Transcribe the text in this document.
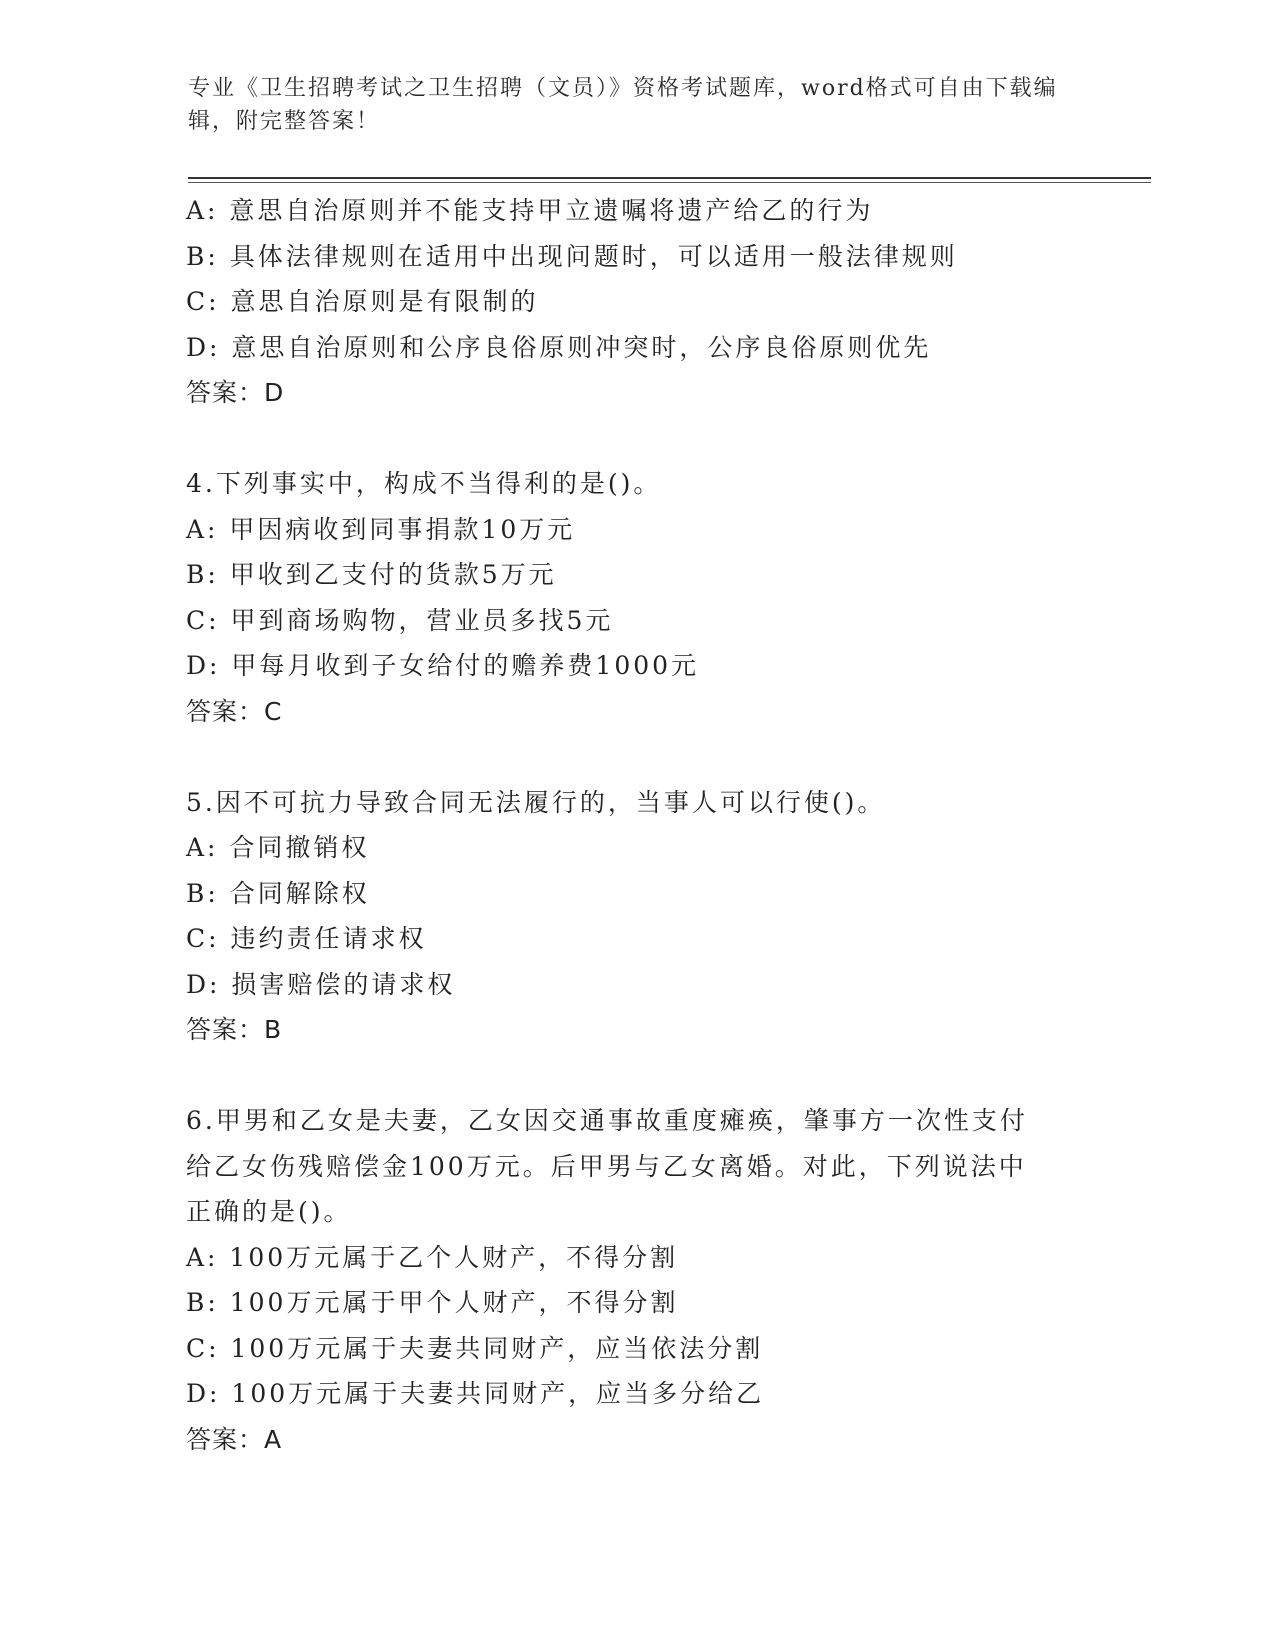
专业《卫生招聘考试之卫生招聘（文员）》资格考试题库，word格式可自由下载编辑，附完整答案！
A: 意思自治原则并不能支持甲立遗嘱将遗产给乙的行为
B: 具体法律规则在适用中出现问题时，可以适用一般法律规则
C: 意思自治原则是有限制的
D: 意思自治原则和公序良俗原则冲突时，公序良俗原则优先
答案：D
4.下列事实中，构成不当得利的是()。
A: 甲因病收到同事捐款10万元
B: 甲收到乙支付的货款5万元
C: 甲到商场购物，营业员多找5元
D: 甲每月收到子女给付的赡养费1000元
答案：C
5.因不可抗力导致合同无法履行的，当事人可以行使()。
A: 合同撤销权
B: 合同解除权
C: 违约责任请求权
D: 损害赔偿的请求权
答案：B
6.甲男和乙女是夫妻，乙女因交通事故重度瘫痪，肇事方一次性支付给乙女伤残赔偿金100万元。后甲男与乙女离婚。对此，下列说法中正确的是()。
A: 100万元属于乙个人财产，不得分割
B: 100万元属于甲个人财产，不得分割
C: 100万元属于夫妻共同财产，应当依法分割
D: 100万元属于夫妻共同财产，应当多分给乙
答案：A
